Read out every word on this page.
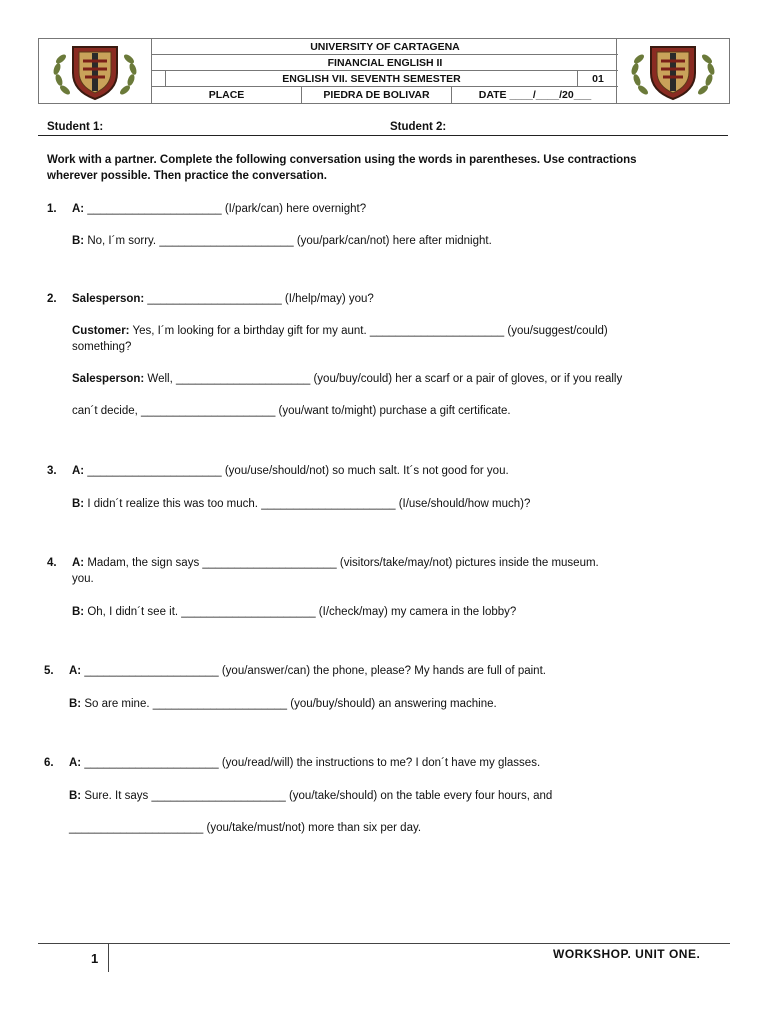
UNIVERSITY OF CARTAGENA
FINANCIAL ENGLISH II
ENGLISH VII. SEVENTH SEMESTER	01
PLACE	PIEDRA DE BOLIVAR	DATE ____/____/20___
Student 1:	Student 2:
Work with a partner. Complete the following conversation using the words in parentheses. Use contractions
wherever possible. Then practice the conversation.
1. A: _____________________ (I/park/can) here overnight?
B: No, I´m sorry. _____________________ (you/park/can/not) here after midnight.
2. Salesperson: _____________________ (I/help/may) you?
Customer: Yes, I´m looking for a birthday gift for my aunt. _____________________ (you/suggest/could)
something?
Salesperson: Well, _____________________ (you/buy/could) her a scarf or a pair of gloves, or if you really
can´t decide, _____________________ (you/want to/might) purchase a gift certificate.
3. A: _____________________ (you/use/should/not) so much salt. It´s not good for you.
B: I didn´t realize this was too much. _____________________ (I/use/should/how much)?
4. A: Madam, the sign says _____________________ (visitors/take/may/not) pictures inside the museum.
you.
B: Oh, I didn´t see it. _____________________ (I/check/may) my camera in the lobby?
5. A: _____________________ (you/answer/can) the phone, please? My hands are full of paint.
B: So are mine. _____________________ (you/buy/should) an answering machine.
6. A: _____________________ (you/read/will) the instructions to me? I don´t have my glasses.
B: Sure. It says _____________________ (you/take/should) on the table every four hours, and
_____________________ (you/take/must/not) more than six per day.
1	WORKSHOP. UNIT ONE.
